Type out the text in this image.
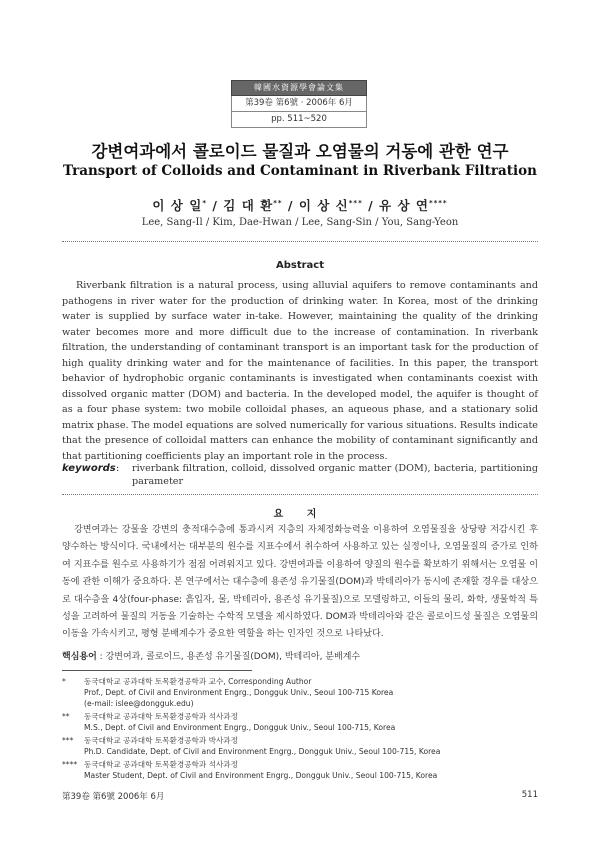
韓國水資源學會論文集
第39卷 第6號 · 2006年 6月
pp. 511~520
강변여과에서 콜로이드 물질과 오염물의 거동에 관한 연구
Transport of Colloids and Contaminant in Riverbank Filtration
이 상 일* / 김 대 환** / 이 상 신*** / 유 상 연****
Lee, Sang-Il / Kim, Dae-Hwan / Lee, Sang-Sin / You, Sang-Yeon
Abstract
Riverbank filtration is a natural process, using alluvial aquifers to remove contaminants and pathogens in river water for the production of drinking water. In Korea, most of the drinking water is supplied by surface water in-take. However, maintaining the quality of the drinking water becomes more and more difficult due to the increase of contamination. In riverbank filtration, the understanding of contaminant transport is an important task for the production of high quality drinking water and for the maintenance of facilities. In this paper, the transport behavior of hydrophobic organic contaminants is investigated when contaminants coexist with dissolved organic matter (DOM) and bacteria. In the developed model, the aquifer is thought of as a four phase system: two mobile colloidal phases, an aqueous phase, and a stationary solid matrix phase. The model equations are solved numerically for various situations. Results indicate that the presence of colloidal matters can enhance the mobility of contaminant significantly and that partitioning coefficients play an important role in the process.
keywords : riverbank filtration, colloid, dissolved organic matter (DOM), bacteria, partitioning parameter
요 지
강변여과는 강물을 강변의 충적대수층에 통과시켜 지층의 자체정화능력을 이용하여 오염물질을 상당량 저감시킨 후 양수하는 방식이다. 국내에서는 대부분의 원수를 지표수에서 취수하여 사용하고 있는 실정이나, 오염물질의 증가로 인하여 지표수를 원수로 사용하기가 점점 어려워지고 있다. 강변여과를 이용하여 양질의 원수를 확보하기 위해서는 오염물 이동에 관한 이해가 중요하다. 본 연구에서는 대수층에 용존성 유기물질(DOM)과 박테리아가 동시에 존재할 경우를 대상으로 대수층을 4상(four-phase: 흙입자, 물, 박테리아, 용존성 유기물질)으로 모델링하고, 이들의 물리, 화학, 생물학적 특성을 고려하여 물질의 거동을 기술하는 수학적 모델을 제시하였다. DOM과 박테리아와 같은 콜로이드성 물질은 오염물의 이동을 가속시키고, 평형 분배계수가 중요한 역할을 하는 인자인 것으로 나타났다.
핵심용어 : 강변여과, 콜로이드, 용존성 유기물질(DOM), 박테리아, 분배계수
* 동국대학교 공과대학 토목환경공학과 교수, Corresponding Author
Prof., Dept. of Civil and Environment Engrg., Dongguk Univ., Seoul 100-715 Korea
(e-mail: islee@dongguk.edu)
** 동국대학교 공과대학 토목환경공학과 석사과정
M.S., Dept. of Civil and Environment Engrg., Dongguk Univ., Seoul 100-715, Korea
*** 동국대학교 공과대학 토목환경공학과 박사과정
Ph.D. Candidate, Dept. of Civil and Environment Engrg., Dongguk Univ., Seoul 100-715, Korea
**** 동국대학교 공과대학 토목환경공학과 석사과정
Master Student, Dept. of Civil and Environment Engrg., Dongguk Univ., Seoul 100-715, Korea
第39卷 第6號 2006年 6月	511
